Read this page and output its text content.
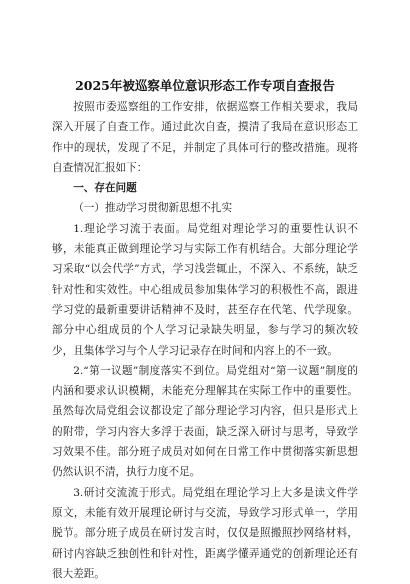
2025年被巡察单位意识形态工作专项自查报告

按照市委巡察组的工作安排，依据巡察工作相关要求，我局深入开展了自查工作。通过此次自查，摸清了我局在意识形态工作中的现状，发现了不足，并制定了具体可行的整改措施。现将自查情况汇报如下：

一、存在问题

（一）推动学习贯彻新思想不扎实

1.理论学习流于表面。局党组对理论学习的重要性认识不够，未能真正做到理论学习与实际工作有机结合。大部分理论学习采取“以会代学”方式，学习浅尝辄止，不深入、不系统，缺乏针对性和实效性。中心组成员参加集体学习的积极性不高，跟进学习党的最新重要讲话精神不及时，甚至存在代笔、代学现象。部分中心组成员的个人学习记录缺失明显，参与学习的频次较少，且集体学习与个人学习记录存在时间和内容上的不一致。

2.“第一议题”制度落实不到位。局党组对“第一议题”制度的内涵和要求认识模糊，未能充分理解其在实际工作中的重要性。虽然每次局党组会议都设定了部分理论学习内容，但只是形式上的附带，学习内容大多浮于表面，缺乏深入研讨与思考，导致学习效果不佳。部分班子成员对如何在日常工作中贯彻落实新思想仍然认识不清，执行力度不足。

3.研讨交流流于形式。局党组在理论学习上大多是读文件学原文，未能有效开展理论研讨与交流，导致学习形式单一，学用脱节。部分班子成员在研讨发言时，仅仅是照搬照抄网络材料，研讨内容缺乏独创性和针对性，距离学懂弄通党的创新理论还有很大差距。
